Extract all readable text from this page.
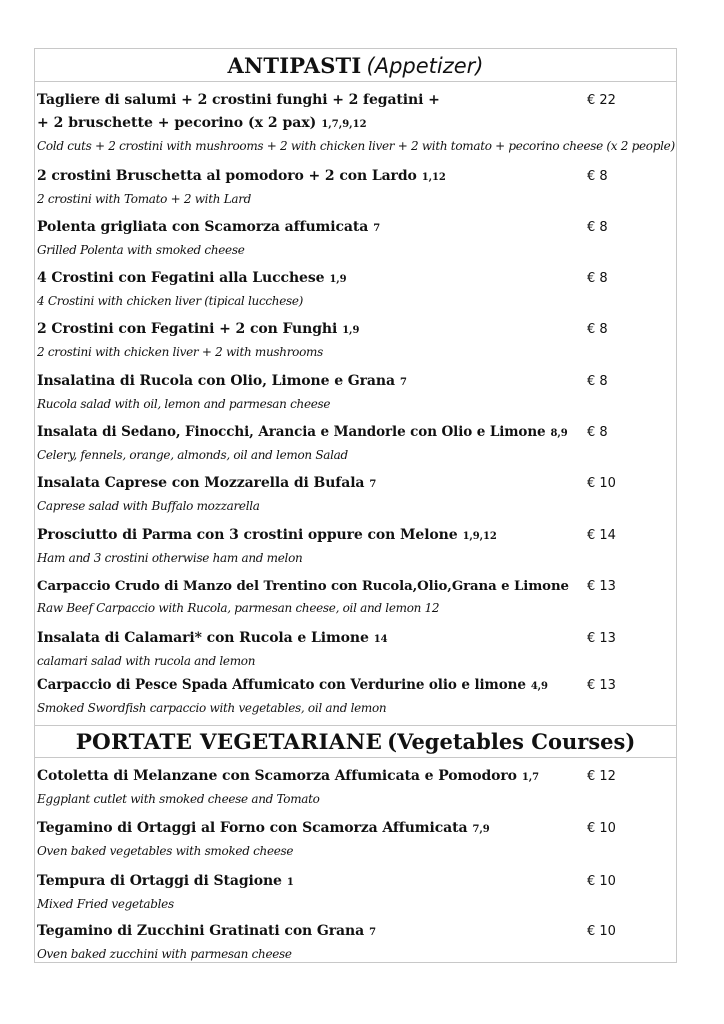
ANTIPASTI (Appetizer)
Tagliere di salumi + 2 crostini funghi + 2 fegatini +
+ 2 bruschette + pecorino (x 2 pax) 1,7,9,12
Cold cuts + 2 crostini with mushrooms + 2 with chicken liver + 2 with tomato + pecorino cheese (x 2 people)
€ 22
2 crostini Bruschetta al pomodoro + 2 con Lardo 1,12
2 crostini with Tomato + 2 with Lard
€ 8
Polenta grigliata con Scamorza affumicata 7
Grilled Polenta with smoked cheese
€ 8
4 Crostini con Fegatini alla Lucchese 1,9
4 Crostini with chicken liver (tipical lucchese)
€ 8
2 Crostini con Fegatini + 2 con Funghi 1,9
2 crostini with chicken liver + 2 with mushrooms
€ 8
Insalatina di Rucola con Olio, Limone e Grana 7
Rucola salad with oil, lemon and parmesan cheese
€ 8
Insalata di Sedano, Finocchi, Arancia e Mandorle con Olio e Limone 8,9
Celery, fennels, orange, almonds, oil and lemon Salad
€ 8
Insalata Caprese con Mozzarella di Bufala 7
Caprese salad with Buffalo mozzarella
€ 10
Prosciutto di Parma con 3 crostini oppure con Melone 1,9,12
Ham and 3 crostini otherwise ham and melon
€ 14
Carpaccio Crudo di Manzo del Trentino con Rucola,Olio,Grana e Limone
Raw Beef Carpaccio with Rucola, parmesan cheese, oil and lemon 12
€ 13
Insalata di Calamari* con Rucola e Limone 14
calamari salad with rucola and lemon
€ 13
Carpaccio di Pesce Spada Affumicato con Verdurine olio e limone 4,9
Smoked Swordfish carpaccio with vegetables, oil and lemon
€ 13
PORTATE VEGETARIANE (Vegetables Courses)
Cotoletta di Melanzane con Scamorza Affumicata e Pomodoro 1,7
Eggplant cutlet with smoked cheese and Tomato
€ 12
Tegamino di Ortaggi al Forno con Scamorza Affumicata 7,9
Oven baked vegetables with smoked cheese
€ 10
Tempura di Ortaggi di Stagione 1
Mixed Fried vegetables
€ 10
Tegamino di Zucchini Gratinati con Grana 7
Oven baked zucchini with parmesan cheese
€ 10
